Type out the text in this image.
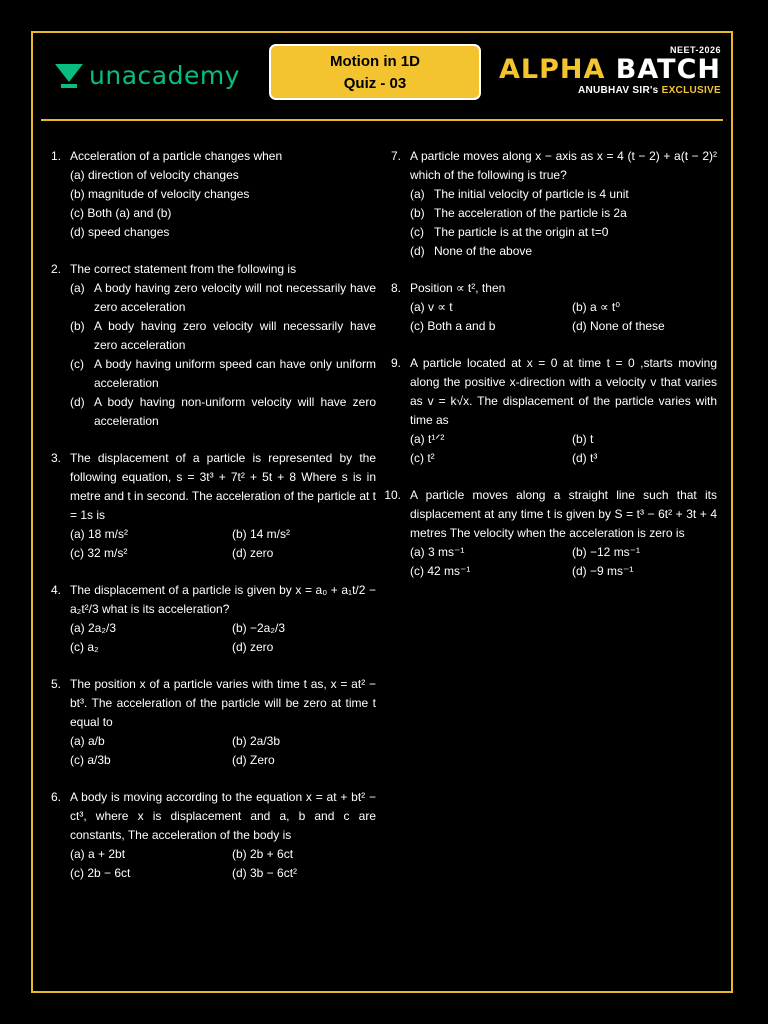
unacademy	Motion in 1D
Quiz - 03
NEET-2026
ALPHA BATCH
ANUBHAV SIR's EXCLUSIVE
1. Acceleration of a particle changes when
(a) direction of velocity changes
(b) magnitude of velocity changes
(c) Both (a) and (b)
(d) speed changes
2. The correct statement from the following is
(a) A body having zero velocity will not necessarily have zero acceleration
(b) A body having zero velocity will necessarily have zero acceleration
(c) A body having uniform speed can have only uniform acceleration
(d) A body having non-uniform velocity will have zero acceleration
3. The displacement of a particle is represented by the following equation, s = 3t³ + 7t² + 5t + 8 Where s is in metre and t in second. The acceleration of the particle at t = 1s is
(a) 18 m/s²	(b) 14 m/s²
(c) 32 m/s²	(d) zero
4. The displacement of a particle is given by x = a₀ + a₁t/2 − a₂t²/3 what is its acceleration?
(a) 2a₂/3	(b) −2a₂/3
(c) a₂	(d) zero
5. The position x of a particle varies with time t as, x = at² − bt³. The acceleration of the particle will be zero at time t equal to
(a) a/b	(b) 2a/3b
(c) a/3b	(d) Zero
6. A body is moving according to the equation x = at + bt² − ct³, where x is displacement and a, b and c are constants, The acceleration of the body is
(a) a + 2bt	(b) 2b + 6ct
(c) 2b − 6ct	(d) 3b − 6ct²
7. A particle moves along x − axis as x = 4 (t − 2) + a(t − 2)² which of the following is true?
(a) The initial velocity of particle is 4 unit
(b) The acceleration of the particle is 2a
(c) The particle is at the origin at t=0
(d) None of the above
8. Position ∝ t², then
(a) v ∝ t	(b) a ∝ t⁰
(c) Both a and b	(d) None of these
9. A particle located at x = 0 at time t = 0 ,starts moving along the positive x-direction with a velocity v that varies as v = k√x. The displacement of the particle varies with time as
(a) t¹ᐟ²	(b) t
(c) t²	(d) t³
10. A particle moves along a straight line such that its displacement at any time t is given by S = t³ − 6t² + 3t + 4 metres The velocity when the acceleration is zero is
(a) 3 ms⁻¹	(b) −12 ms⁻¹
(c) 42 ms⁻¹	(d) −9 ms⁻¹
